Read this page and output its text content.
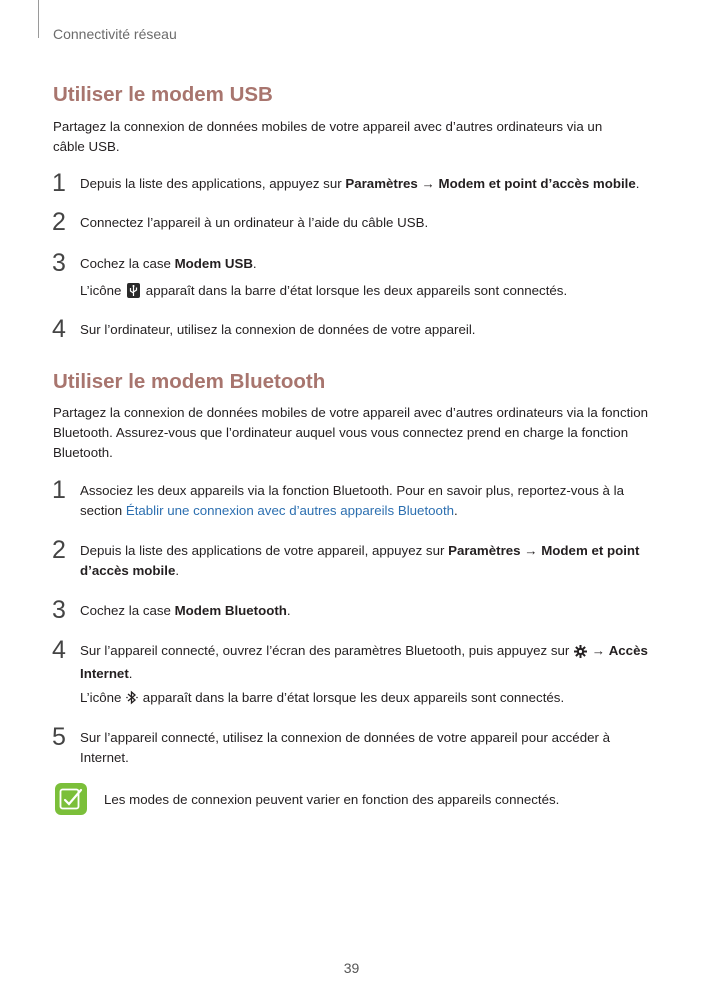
Connectivité réseau
Utiliser le modem USB
Partagez la connexion de données mobiles de votre appareil avec d’autres ordinateurs via un câble USB.
1 Depuis la liste des applications, appuyez sur Paramètres → Modem et point d’accès mobile.
2 Connectez l’appareil à un ordinateur à l’aide du câble USB.
3 Cochez la case Modem USB.
L’icône
apparaît dans la barre d’état lorsque les deux appareils sont connectés.
4 Sur l’ordinateur, utilisez la connexion de données de votre appareil.
Utiliser le modem Bluetooth
Partagez la connexion de données mobiles de votre appareil avec d’autres ordinateurs via la fonction Bluetooth. Assurez-vous que l’ordinateur auquel vous vous connectez prend en charge la fonction Bluetooth.
1 Associez les deux appareils via la fonction Bluetooth. Pour en savoir plus, reportez-vous à la section Établir une connexion avec d’autres appareils Bluetooth.
2 Depuis la liste des applications de votre appareil, appuyez sur Paramètres → Modem et point d’accès mobile.
3 Cochez la case Modem Bluetooth.
4 Sur l’appareil connecté, ouvrez l’écran des paramètres Bluetooth, puis appuyez sur  → Accès Internet.
L’icône  apparaît dans la barre d’état lorsque les deux appareils sont connectés.
5 Sur l’appareil connecté, utilisez la connexion de données de votre appareil pour accéder à Internet.
Les modes de connexion peuvent varier en fonction des appareils connectés.
39
